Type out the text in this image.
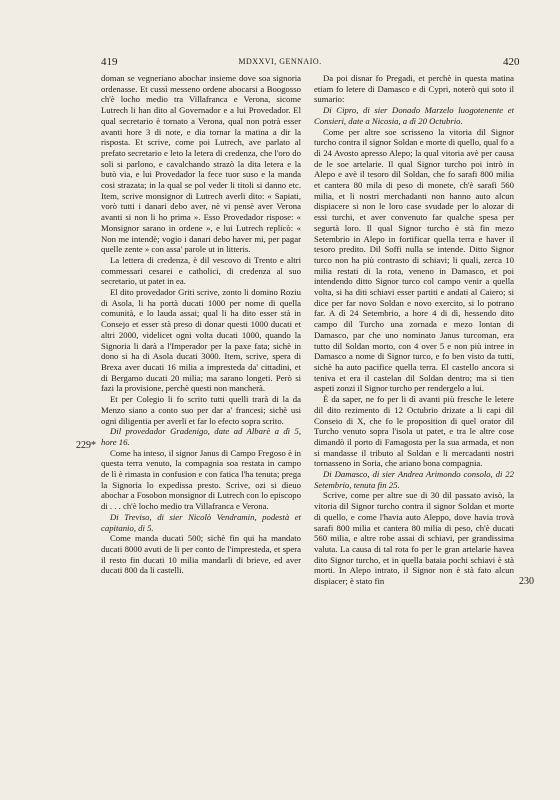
419	MDXXVI, GENNAIO.	420
229*
230

doman se vegneriano abochar insieme dove soa signoria ordenasse. Et cussì messeno ordene abocarsi a Boogosso ch'è locho medio tra Villafranca e Verona, sicome Lutrech li han dito al Governador e a lui Provedador. El qual secretario è tornato a Verona, qual non potrà esser avanti hore 3 di note, e dia tornar la matina a dir la risposta. Et scrive, come poi Lutrech, ave parlato al prefato secretario e leto la letera di credenza, che l'oro do soli si parlono, e cavalchando strazò la dita letera e la butò via, e lui Provedador la fece tuor suso e la manda cosi strazata; in la qual se pol veder li titoli si danno etc. Item, scrive monsignor di Lutrech averli dito: « Sapiati, vorò tutti i danari debo aver, nè vi pensè aver Verona avanti si non li ho prima ». Esso Provedador rispose: « Monsignor sarano in ordene », e lui Lutrech replicò: « Non me intendè; vogio i danari debo haver mi, per pagar quelle zente » con assa' parole ut in litteris.

La lettera di credenza, è dil vescovo di Trento e altri commessari cesarei e catholici, di credenza al suo secretario, ut patet in ea.

El dito provedador Griti scrive, zonto li domino Roziu di Asola, li ha portà ducati 1000 per nome di quella comunità, e lo lauda assai; qual li ha dito esser stà in Consejo et esser stà preso di donar questi 1000 ducati et altri 2000, videlicet ogni volta ducati 1000, quando la Signoria li darà a l'Imperador per la paxe fata; sichè in dono si ha di Asola ducati 3000. Item, scrive, spera di Brexa aver ducati 16 milia a impresteda da' cittadini, et di Bergamo ducati 20 milia; ma sarano longeti. Però si fazi la provisione, perchè questi non mancherà.

Et per Colegio li fo scrito tutti quelli trarà di la da Menzo siano a conto suo per dar a' francesi; sichè usi ogni diligentia per averli et far lo efecto sopra scrito.

Dil provedador Gradenigo, date ad Albarè a dì 5, hore 16.

Come ha inteso, il signor Janus di Campo Fregoso è in questa terra venuto, la compagnia soa restata in campo de lì è rimasta in confusion e con fatica l'ha tenuta; prega la Signoria lo expedissa presto. Scrive, ozi si dieuo abochar a Fosobon monsignor di Lutrech con lo episcopo di . . . ch'è locho medio tra Villafranca e Verona.

Di Treviso, di sier Nicolò Vendramin, podestà et capitanio, di 5.

Come manda ducati 500; sichè fin qui ha mandato ducati 8000 avuti de li per conto de l'impresteda, et spera il resto fin ducati 10 milia mandarli di brieve, ed aver ducati 800 da li castelli.

Da poi disnar fo Pregadi, et perchè in questa matina etiam fo letere di Damasco e di Cypri, noterò qui soto il sumario:

Di Cipro, di sier Donado Marzelo luogotenente et Consieri, date a Nicosia, a dì 20 Octubrio.

Come per altre soe scrisseno la vitoria dil Signor turcho contra il signor Soldan e morte di quello, qual fo a dì 24 Avosto apresso Alepo; la qual vitoria avè per causa de le soe artelarie. Il qual Signor turcho poi intrò in Alepo e avè il tesoro dil Soldan, che fo sarafi 800 milia et cantera 80 mila di peso di monete, ch'è sarafi 560 milia, et li nostri merchadanti non hanno auto alcun dispiacere si non le loro case svudade per lo alozar di essi turchi, et aver convenuto far qualche spesa per segurtà loro. Il qual Signor turcho è stà fin mezo Setembrio in Alepo in fortificar quella terra e haver il tesoro predito. Dil Soffi nulla se intende. Ditto Signor turco non ha più contrasto di schiavi; li quali, zerca 10 milia restati di la rota, veneno in Damasco, et poi intendendo ditto Signor turco col campo venir a quella volta, si ha diti schiavi esser partiti e andati al Caiero; si dice per far novo Soldan e novo exercito, si lo potrano far. A dì 24 Setembrio, a hore 4 di dì, hessendo dito campo dil Turcho una zornada e mezo lontan di Damasco, par che uno nominato Janus turcoman, era tutto dil Soldan morto, con 4 over 5 e non più intree in Damasco a nome di Signor turco, e fo ben visto da tutti, sichè ha auto pacifice quella terra. El castello ancora si teniva et era il castelan dil Soldan dentro; ma si tien aspeti zonzi il Signor turcho per rendergelo a lui.

È da saper, ne fo per li dì avanti più fresche le letere dil dito rezimento di 12 Octubrio drizate a li capi dil Conseio di X, che fo le proposition di quel orator dil Turcho venuto sopra l'isola ut patet, e tra le altre cose dimandò il porto di Famagosta per la sua armada, et non si mandasse il tributo al Soldan e li mercadanti nostri tornasseno in Soria, che ariano bona compagnia.

Di Damasco, di sier Andrea Arimondo consolo, di 22 Setembrio, tenuta fin 25.

Scrive, come per altre sue di 30 dil passato avisò, la vitoria dil Signor turcho contra il signor Soldan et morte di quello, e come l'havia auto Aleppo, dove havia trovà sarafi 800 milia et cantera 80 milia di peso, ch'è ducati 560 milia, e altre robe assai di schiavi, per grandissima valuta. La causa di tal rota fo per le gran artelarie havea dito Signor turcho, et in quella bataia pochi schiavi è stà morti. In Alepo intrato, il Signor non è stà fato alcun dispiacer; è stato fin
